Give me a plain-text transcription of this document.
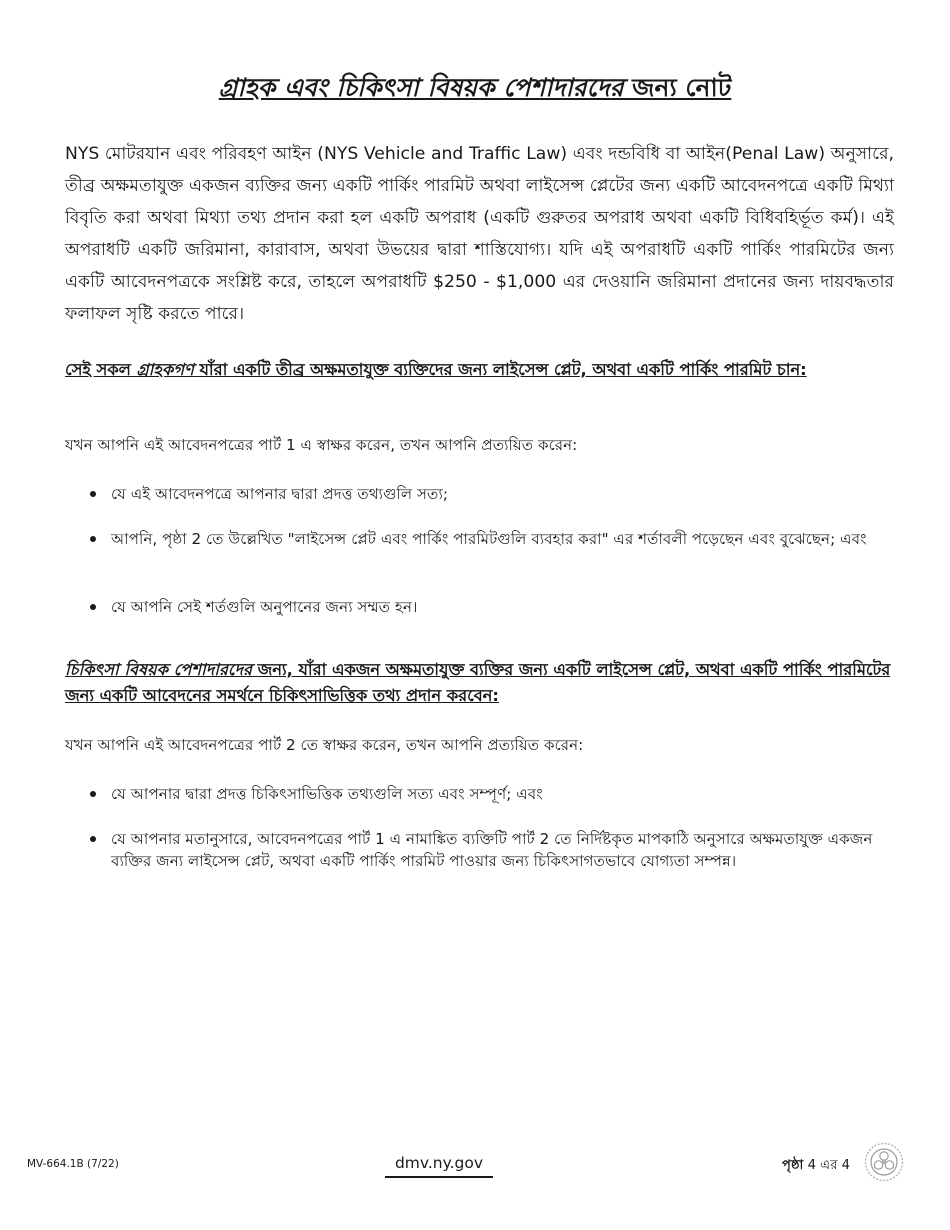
গ্রাহক এবং চিকিৎসা বিষয়ক পেশাদারদের জন্য নোট

NYS মোটরযান এবং পরিবহণ আইন (NYS Vehicle and Traffic Law) এবং দন্ডবিধি বা আইন(Penal Law) অনুসারে, তীব্র অক্ষমতাযুক্ত একজন ব্যক্তির জন্য একটি পার্কিং পারমিট অথবা লাইসেন্স প্লেটের জন্য একটি আবেদনপত্রে একটি মিথ্যা বিবৃতি করা অথবা মিথ্যা তথ্য প্রদান করা হল একটি অপরাধ (একটি গুরুতর অপরাধ অথবা একটি বিধিবহির্ভূত কর্ম)। এই অপরাধটি একটি জরিমানা, কারাবাস, অথবা উভয়ের দ্বারা শাস্তিযোগ্য। যদি এই অপরাধটি একটি পার্কিং পারমিটের জন্য একটি আবেদনপত্রকে সংশ্লিষ্ট করে, তাহলে অপরাধটি $250 - $1,000 এর দেওয়ানি জরিমানা প্রদানের জন্য দায়বদ্ধতার ফলাফল সৃষ্টি করতে পারে।

সেই সকল গ্রাহকগণ যাঁরা একটি তীব্র অক্ষমতাযুক্ত ব্যক্তিদের জন্য লাইসেন্স প্লেট, অথবা একটি পার্কিং পারমিট চান:

যখন আপনি এই আবেদনপত্রের পার্ট 1 এ স্বাক্ষর করেন, তখন আপনি প্রত্যয়িত করেন:

যে এই আবেদনপত্রে আপনার দ্বারা প্রদত্ত তথ্যগুলি সত্য;
আপনি, পৃষ্ঠা 2 তে উল্লেখিত "লাইসেন্স প্লেট এবং পার্কিং পারমিটগুলি ব্যবহার করা" এর শর্তাবলী পড়েছেন এবং বুঝেছেন; এবং
যে আপনি সেই শর্তগুলি অনুপানের জন্য সম্মত হন।
চিকিৎসা বিষয়ক পেশাদারদের জন্য, যাঁরা একজন অক্ষমতাযুক্ত ব্যক্তির জন্য একটি লাইসেন্স প্লেট, অথবা একটি পার্কিং পারমিটের জন্য একটি আবেদনের সমর্থনে চিকিৎসাভিত্তিক তথ্য প্রদান করবেন:

যখন আপনি এই আবেদনপত্রের পার্ট 2 তে স্বাক্ষর করেন, তখন আপনি প্রত্যয়িত করেন:

যে আপনার দ্বারা প্রদত্ত চিকিৎসাভিত্তিক তথ্যগুলি সত্য এবং সম্পূর্ণ; এবং
যে আপনার মতানুসারে, আবেদনপত্রের পার্ট 1 এ নামাঙ্কিত ব্যক্তিটি পার্ট 2 তে নির্দিষ্টকৃত মাপকাঠি অনুসারে অক্ষমতাযুক্ত একজন ব্যক্তির জন্য লাইসেন্স প্লেট, অথবা একটি পার্কিং পারমিট পাওয়ার জন্য চিকিৎসাগতভাবে যোগ্যতা সম্পন্ন।

MV-664.1B (7/22)	dmv.ny.gov	পৃষ্ঠা 4 এর 4
